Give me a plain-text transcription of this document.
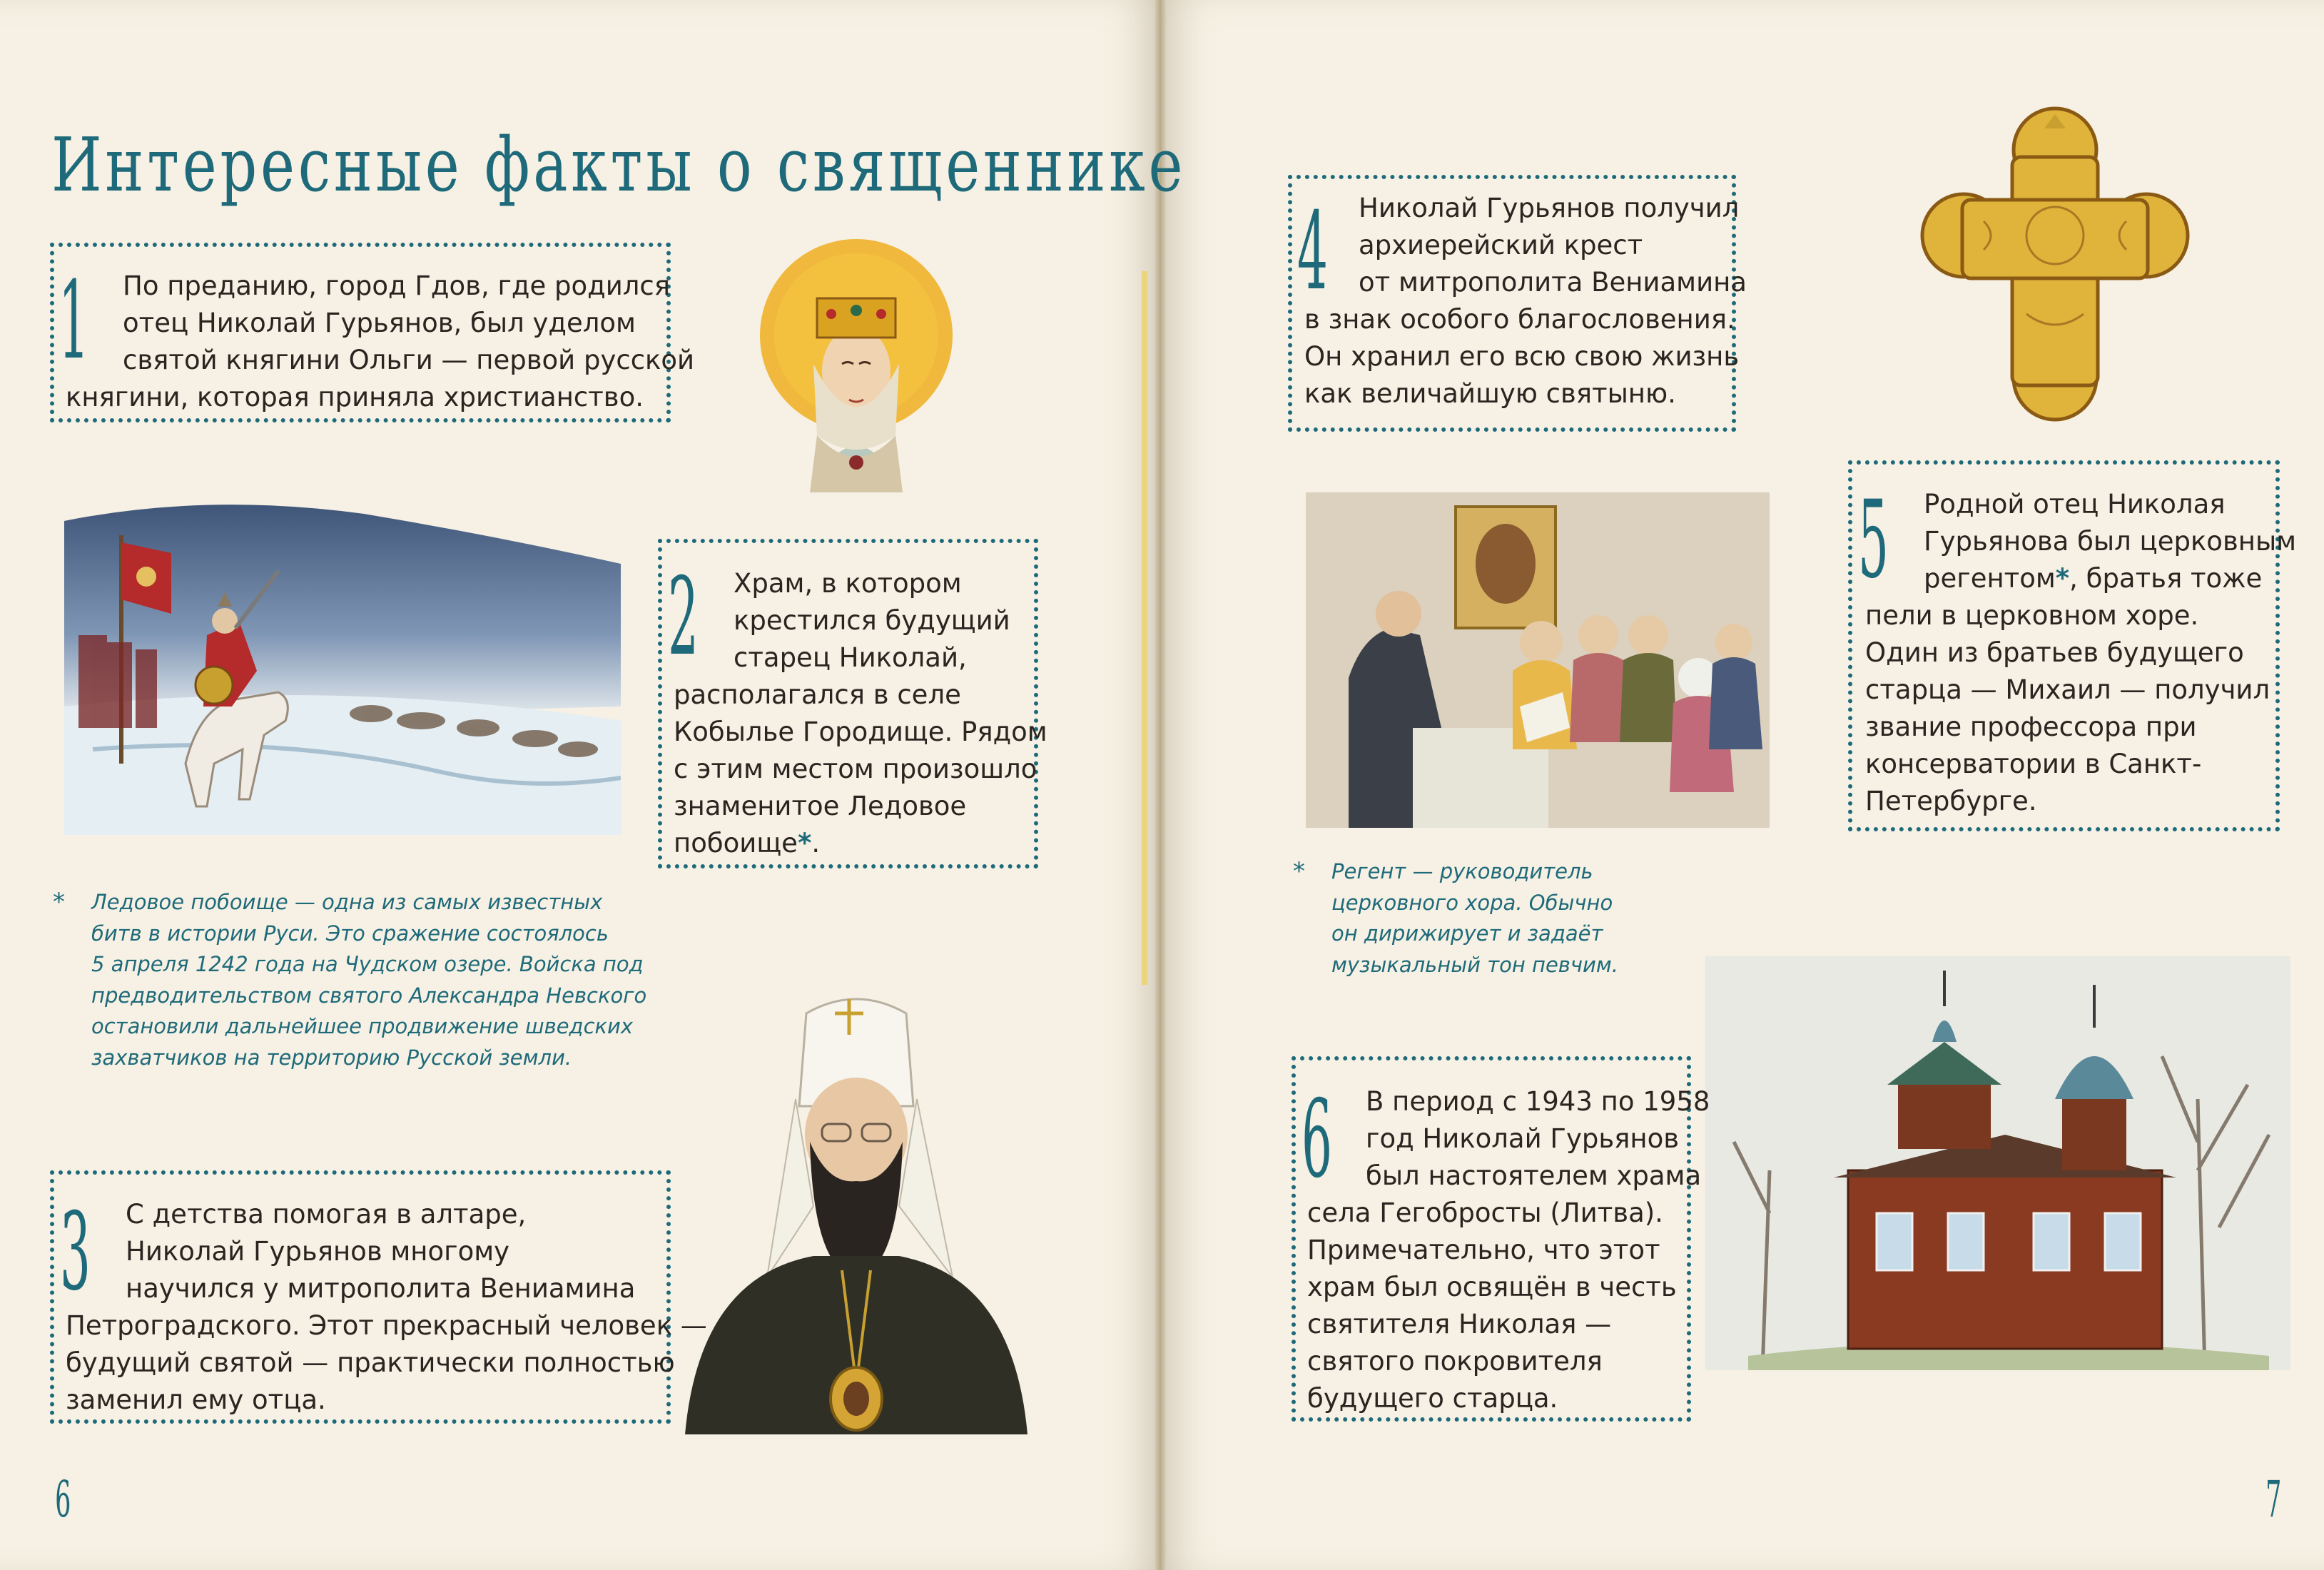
Интересные факты о священнике
1	По преданию, город Гдов, где родился
отец Николай Гурьянов, был уделом
святой княгини Ольги — первой русской
княгини, которая приняла христианство.
2	Храм, в котором
крестился будущий
старец Николай,
располагался в селе
Кобылье Городище. Рядом
с этим местом произошло
знаменитое Ледовое
побоище*.
* Ледовое побоище — одна из самых известных
битв в истории Руси. Это сражение состоялось
5 апреля 1242 года на Чудском озере. Войска под
предводительством святого Александра Невского
остановили дальнейшее продвижение шведских
захватчиков на территорию Русской земли.
3	С детства помогая в алтаре,
Николай Гурьянов многому
научился у митрополита Вениамина
Петроградского. Этот прекрасный человек —
будущий святой — практически полностью
заменил ему отца.
4	Николай Гурьянов получил
архиерейский крест
от митрополита Вениамина
в знак особого благословения.
Он хранил его всю свою жизнь
как величайшую святыню.
5	Родной отец Николая
Гурьянова был церковным
регентом*, братья тоже
пели в церковном хоре.
Один из братьев будущего
старца — Михаил — получил
звание профессора при
консерватории в Санкт-
Петербурге.
* Регент — руководитель
церковного хора. Обычно
он дирижирует и задаёт
музыкальный тон певчим.
6	В период с 1943 по 1958
год Николай Гурьянов
был настоятелем храма
села Гегобросты (Литва).
Примечательно, что этот
храм был освящён в честь
святителя Николая —
святого покровителя
будущего старца.
6	7
